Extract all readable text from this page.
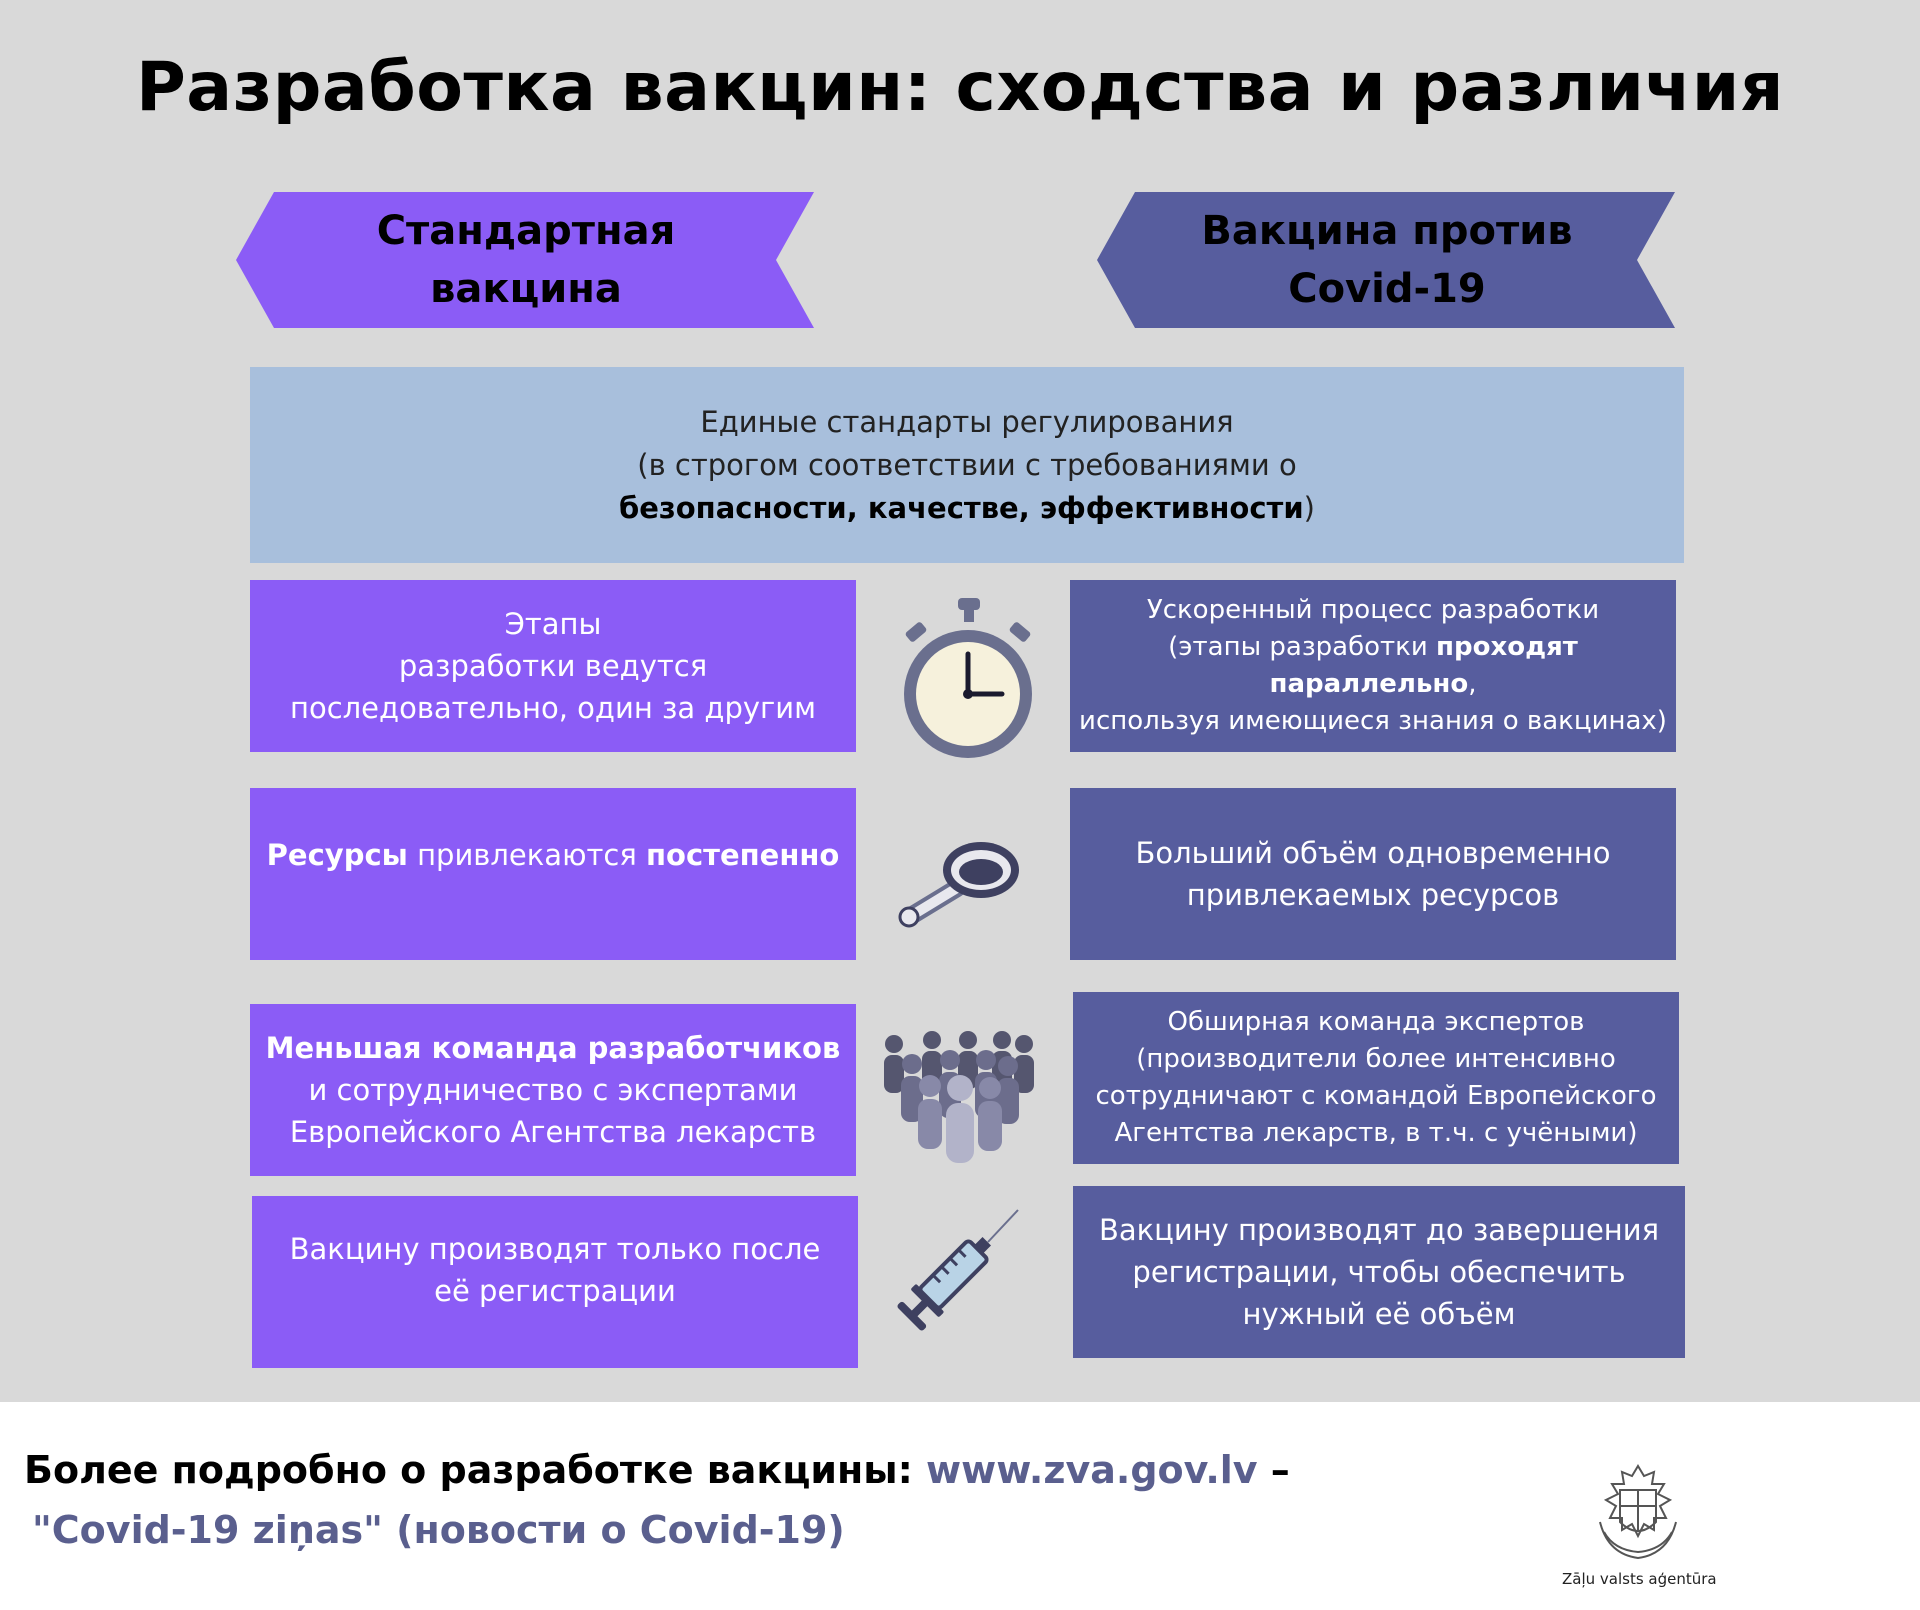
Разработка вакцин: сходства и различия
Стандартная
вакцина
Вакцина против
Covid-19
Единые стандарты регулирования
(в строгом соответствии с требованиями о
безопасности, качестве, эффективности)
Этапы
разработки ведутся
последовательно, один за другим
Ускоренный процесс разработки
(этапы разработки проходят параллельно,
используя имеющиеся знания о вакцинах)
Ресурсы привлекаются постепенно	Больший объём одновременно
привлекаемых ресурсов
Меньшая команда разработчиков
и сотрудничество с экспертами
Европейского Агентства лекарств
Обширная команда экспертов
(производители более интенсивно
сотрудничают с командой Европейского
Агентства лекарств, в т.ч. с учёными)
Вакцину производят только после
её регистрации
Вакцину производят до завершения
регистрации, чтобы обеспечить
нужный её объём
Более подробно о разработке вакцины: www.zva.gov.lv –
"Covid-19 ziņas" (новости о Covid-19)
Zāļu valsts aģentūra
